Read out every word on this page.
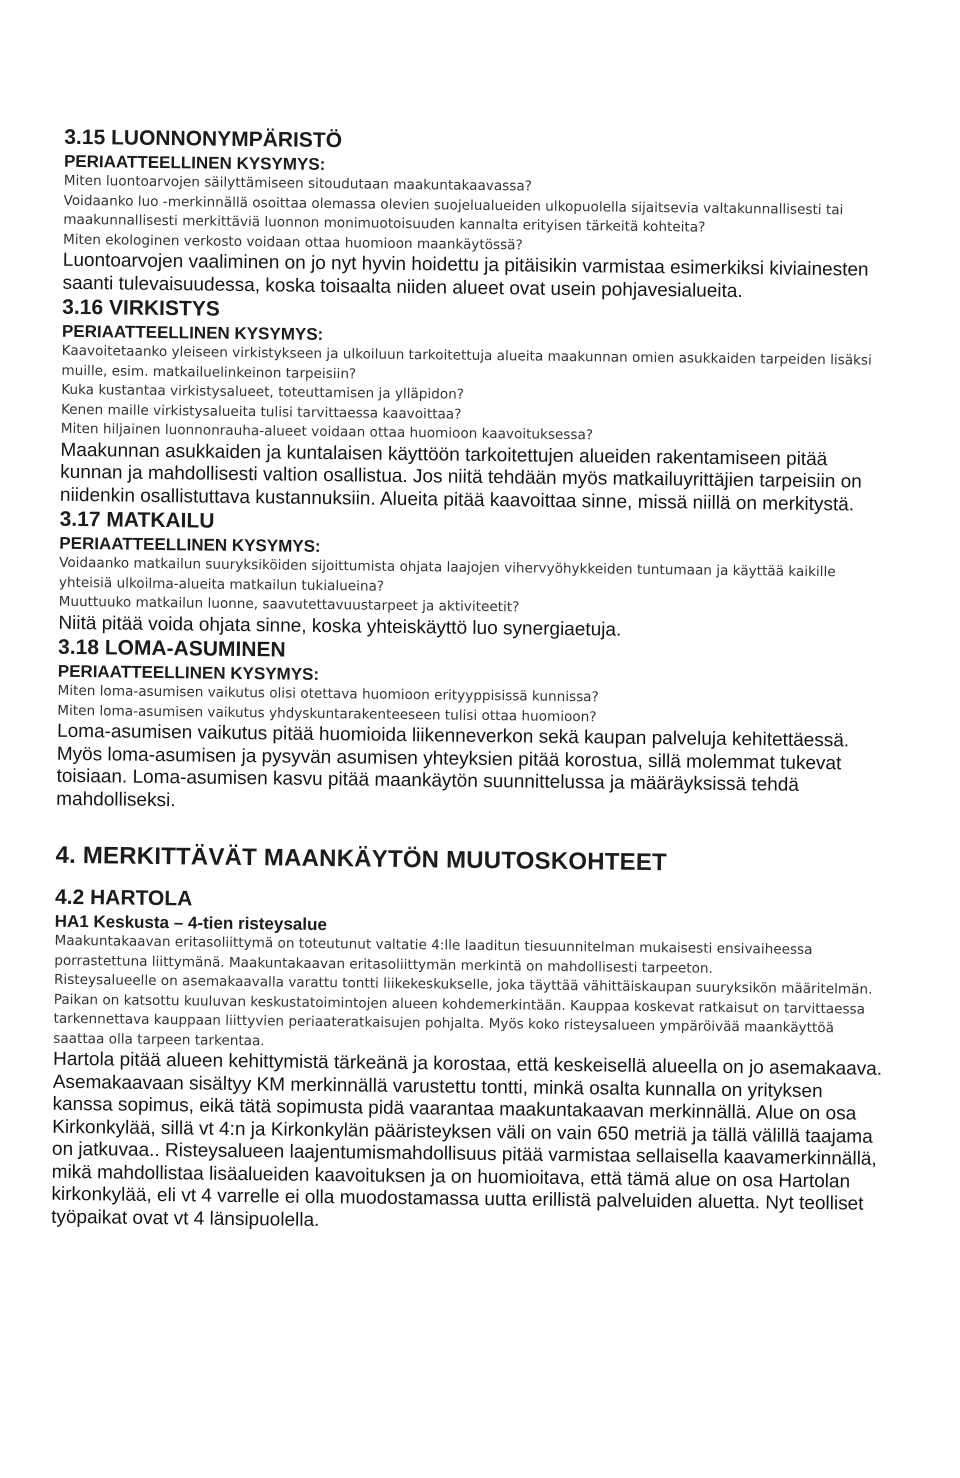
3.15 LUONNONYMPÄRISTÖ
PERIAATTEELLINEN KYSYMYS:

Miten luontoarvojen säilyttämiseen sitoudutaan maakuntakaavassa?

Voidaanko luo -merkinnällä osoittaa olemassa olevien suojelualueiden ulkopuolella sijaitsevia valtakunnallisesti tai maakunnallisesti merkittäviä luonnon monimuotoisuuden kannalta erityisen tärkeitä kohteita?

Miten ekologinen verkosto voidaan ottaa huomioon maankäytössä?

Luontoarvojen vaaliminen on jo nyt hyvin hoidettu ja pitäisikin varmistaa esimerkiksi kiviainesten saanti tulevaisuudessa, koska toisaalta niiden alueet ovat usein pohjavesialueita.

3.16 VIRKISTYS
PERIAATTEELLINEN KYSYMYS:

Kaavoitetaanko yleiseen virkistykseen ja ulkoiluun tarkoitettuja alueita maakunnan omien asukkaiden tarpeiden lisäksi muille, esim. matkailuelinkeinon tarpeisiin?

Kuka kustantaa virkistysalueet, toteuttamisen ja ylläpidon?

Kenen maille virkistysalueita tulisi tarvittaessa kaavoittaa?

Miten hiljainen luonnonrauha-alueet voidaan ottaa huomioon kaavoituksessa?

Maakunnan asukkaiden ja kuntalaisen käyttöön tarkoitettujen alueiden rakentamiseen pitää kunnan ja mahdollisesti valtion osallistua. Jos niitä tehdään myös matkailuyrittäjien tarpeisiin on niidenkin osallistuttava kustannuksiin. Alueita pitää kaavoittaa sinne, missä niillä on merkitystä.

3.17 MATKAILU
PERIAATTEELLINEN KYSYMYS:

Voidaanko matkailun suuryksiköiden sijoittumista ohjata laajojen vihervyöhykkeiden tuntumaan ja käyttää kaikille yhteisiä ulkoilma-alueita matkailun tukialueina?

Muuttuuko matkailun luonne, saavutettavuustarpeet ja aktiviteetit?

Niitä pitää voida ohjata sinne, koska yhteiskäyttö luo synergiaetuja.

3.18 LOMA-ASUMINEN
PERIAATTEELLINEN KYSYMYS:

Miten loma-asumisen vaikutus olisi otettava huomioon erityyppisissä kunnissa?

Miten loma-asumisen vaikutus yhdyskuntarakenteeseen tulisi ottaa huomioon?

Loma-asumisen vaikutus pitää huomioida liikenneverkon sekä kaupan palveluja kehitettäessä. Myös loma-asumisen ja pysyvän asumisen yhteyksien pitää korostua, sillä molemmat tukevat toisiaan. Loma-asumisen kasvu pitää maankäytön suunnittelussa ja määräyksissä tehdä mahdolliseksi.

4. MERKITTÄVÄT MAANKÄYTÖN MUUTOSKOHTEET
4.2 HARTOLA
HA1 Keskusta – 4-tien risteysalue

Maakuntakaavan eritasoliittymä on toteutunut valtatie 4:lle laaditun tiesuunnitelman mukaisesti ensivaiheessa porrastettuna liittymänä. Maakuntakaavan eritasoliittymän merkintä on mahdollisesti tarpeeton.

Risteysalueelle on asemakaavalla varattu tontti liikekeskukselle, joka täyttää vähittäiskaupan suuryksikön määritelmän. Paikan on katsottu kuuluvan keskustatoimintojen alueen kohdemerkintään. Kauppaa koskevat ratkaisut on tarvittaessa tarkennettava kauppaan liittyvien periaateratkaisujen pohjalta. Myös koko risteysalueen ympäröivää maankäyttöä saattaa olla tarpeen tarkentaa.

Hartola pitää alueen kehittymistä tärkeänä ja korostaa, että keskeisellä alueella on jo asemakaava. Asemakaavaan sisältyy KM merkinnällä varustettu tontti, minkä osalta kunnalla on yrityksen kanssa sopimus, eikä tätä sopimusta pidä vaarantaa maakuntakaavan merkinnällä. Alue on osa Kirkonkylää, sillä vt 4:n ja Kirkonkylän pääristeyksen väli on vain 650 metriä ja tällä välillä taajama on jatkuvaa.. Risteysalueen laajentumismahdollisuus pitää varmistaa sellaisella kaavamerkinnällä, mikä mahdollistaa lisäalueiden kaavoituksen ja on huomioitava, että tämä alue on osa Hartolan kirkonkylää, eli vt 4 varrelle ei olla muodostamassa uutta erillistä palveluiden aluetta. Nyt teolliset työpaikat ovat vt 4 länsipuolella.
